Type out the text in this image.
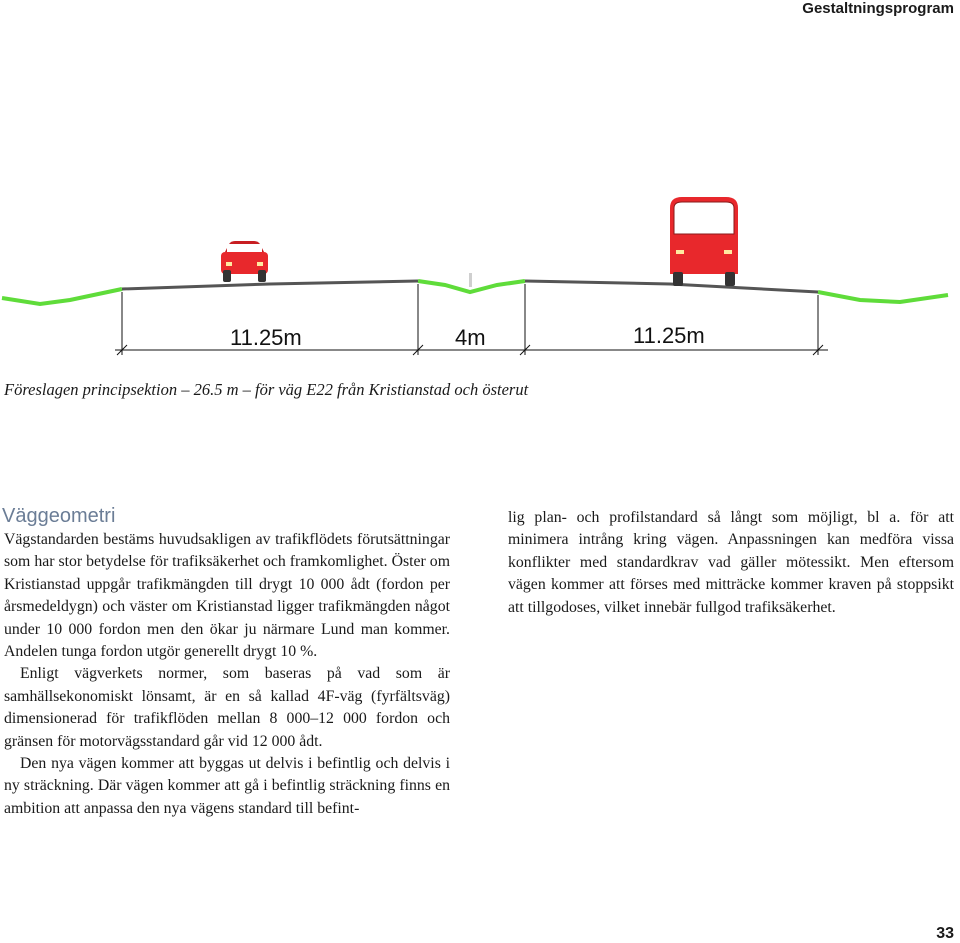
Gestaltningsprogram
11.25m	4m	11.25m
Föreslagen principsektion – 26.5 m – för väg E22 från Kristianstad och österut
Väggeometri

Vägstandarden bestäms huvudsakligen av trafikflödets förutsättningar som har stor betydelse för trafiksäkerhet och framkomlighet. Öster om Kristianstad uppgår trafikmängden till drygt 10 000 ådt (fordon per årsmedeldygn) och väster om Kristianstad ligger trafikmängden något under 10 000 fordon men den ökar ju närmare Lund man kommer. Andelen tunga fordon utgör generellt drygt 10 %.

Enligt vägverkets normer, som baseras på vad som är samhällsekonomiskt lönsamt, är en så kallad 4F-väg (fyrfältsväg) dimensionerad för trafikflöden mellan 8 000–12 000 fordon och gränsen för motorvägsstandard går vid 12 000 ådt.

Den nya vägen kommer att byggas ut delvis i befintlig och delvis i ny sträckning. Där vägen kommer att gå i befintlig sträckning finns en ambition att anpassa den nya vägens standard till befint-

lig plan- och profilstandard så långt som möjligt, bl a. för att minimera intrång kring vägen. Anpassningen kan medföra vissa konflikter med standardkrav vad gäller mötessikt. Men eftersom vägen kommer att förses med mitträcke kommer kraven på stoppsikt att tillgodoses, vilket innebär fullgod trafiksäkerhet.

33
